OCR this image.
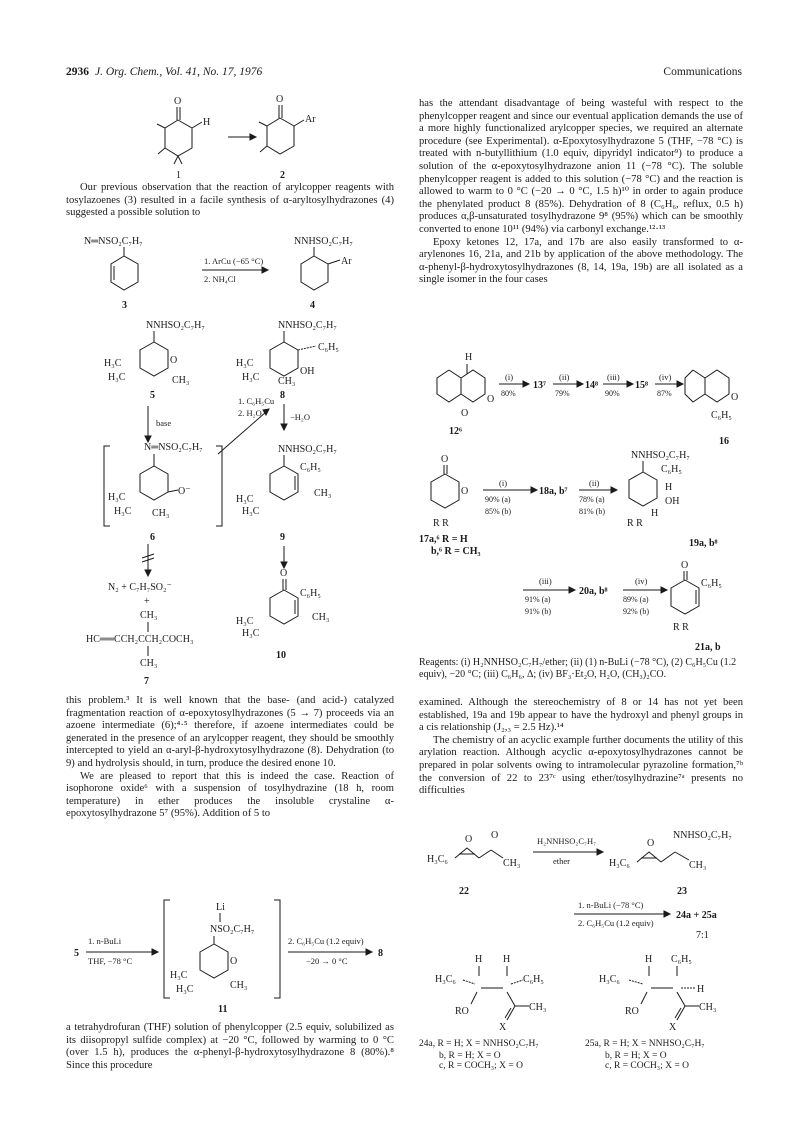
2936 J. Org. Chem., Vol. 41, No. 17, 1976	Communications

Our previous observation that the reaction of arylcopper reagents with tosylazoenes (3) resulted in a facile synthesis of α-aryltosylhydrazones (4) suggested a possible solution to

this problem.³ It is well known that the base- (and acid-) catalyzed fragmentation reaction of α-epoxytosylhydrazones (5 → 7) proceeds via an azoene intermediate (6);⁴·⁵ therefore, if azoene intermediates could be generated in the presence of an arylcopper reagent, they should be smoothly intercepted to yield an α-aryl-β-hydroxytosylhydrazone (8). Dehydration (to 9) and hydrolysis should, in turn, produce the desired enone 10.

We are pleased to report that this is indeed the case. Reaction of isophorone oxide⁶ with a suspension of tosylhydrazine (18 h, room temperature) in ether produces the insoluble crystaline α-epoxytosylhydrazone 5⁷ (95%). Addition of 5 to

a tetrahydrofuran (THF) solution of phenylcopper (2.5 equiv, solubilized as its diisopropyl sulfide complex) at −20 °C, followed by warming to 0 °C (over 1.5 h), produces the α-phenyl-β-hydroxytosylhydrazone 8 (80%).⁸ Since this procedure

has the attendant disadvantage of being wasteful with respect to the phenylcopper reagent and since our eventual application demands the use of a more highly functionalized arylcopper species, we required an alternate procedure (see Experimental). α-Epoxytosylhydrazone 5 (THF, −78 °C) is treated with n-butyllithium (1.0 equiv, dipyridyl indicator⁹) to produce a solution of the α-epoxytosylhydrazone anion 11 (−78 °C). The soluble phenylcopper reagent is added to this solution (−78 °C) and the reaction is allowed to warm to 0 °C (−20 → 0 °C, 1.5 h)¹⁰ in order to again produce the phenylated product 8 (85%). Dehydration of 8 (C₆H₆, reflux, 0.5 h) produces α,β-unsaturated tosylhydrazone 9⁸ (95%) which can be smoothly converted to enone 10¹¹ (94%) via carbonyl exchange.¹²·¹³

Epoxy ketones 12, 17a, and 17b are also easily transformed to α-arylenones 16, 21a, and 21b by application of the above methodology. The α-phenyl-β-hydroxytosylhydrazones (8, 14, 19a, 19b) are all isolated as a single isomer in the four cases

Reagents: (i) H₂NNHSO₂C₇H₇/ether; (ii) (1) n-BuLi (−78 °C), (2) C₆H₅Cu (1.2 equiv), −20 °C; (iii) C₆H₆, Δ; (iv) BF₃·Et₂O, H₂O, (CH₃)₂CO.

examined. Although the stereochemistry of 8 or 14 has not yet been established, 19a and 19b appear to have the hydroxyl and phenyl groups in a cis relationship (J₂,₃ = 2.5 Hz).¹⁴

The chemistry of an acyclic example further documents the utility of this arylation reaction. Although acyclic α-epoxytosylhydrazones cannot be prepared in polar solvents owing to intramolecular pyrazoline formation,⁷ᵇ the conversion of 22 to 23⁷ᶜ using ether/tosylhydrazine⁷ᵃ presents no difficulties

O
H
O
Ar
1	2
N═NSO₂C₇H₇
1. ArCu (−65 °C)
2. NH₄Cl
NNHSO₂C₇H₇
Ar
3	4
NNHSO₂C₇H₇
O
H₃C
H₃C	CH₃
5
base
1. C₆H₅Cu
2. H₂O
NNHSO₂C₇H₇
C₆H₅
OH
H₃C
H₃C CH₃
8
−H₂O
N═NSO₂C₇H₇
O⁻
H₃C
H₃C CH₃
6
N₂ + C₇H₇SO₂⁻
+
CH₃
HC══CCH₂CCH₂COCH₃
CH₃
7
NNHSO₂C₇H₇
C₆H₅
CH₃
H₃C
H₃C
9
O
C₆H₅
CH₃
H₃C
H₃C
10
5
1. n-BuLi
THF, −78 °C
Li
NSO₂C₇H₇
O
H₃C
H₃C	CH₃
2. C₆H₅Cu (1.2 equiv)
−20 → 0 °C
8
11
H
O
O
12⁶
(i)
80%
13⁷
(ii)
79%
14⁸
(iii)
90%
15⁸
(iv)
87%	O
C₆H₅
16
O
O
R R
17a,⁶ R = H
b,⁶ R = CH₃
(i)
90% (a)
85% (b)
18a, b⁷
(ii)
78% (a)
81% (b)
NNHSO₂C₇H₇
C₆H₅
H
OH
H
R R
19a, b⁸
(iii)
91% (a)
91% (b)
20a, b⁸
(iv)
89% (a)
92% (b)
O
C₆H₅
R R
21a, b
H₃C₆
O O
CH₃
22
H₂NNHSO₂C₇H₇
ether	H₃C₆
O
NNHSO₂C₇H₇
CH₃
23
1. n-BuLi (−78 °C)
2. C₆H₅Cu (1.2 equiv)
24a + 25a
7:1
H H
H₃C₆	C₆H₅
RO	CH₃
X
24a, R = H; X = NNHSO₂C₇H₇
b, R = H; X = O
H C₆H₅
H₃C₆
H
RO	CH₃
X
25a, R = H; X = NNHSO₂C₇H₇
b, R = H; X = O
c, R = COCH₃; X = O	c, R = COCH₃; X = O
